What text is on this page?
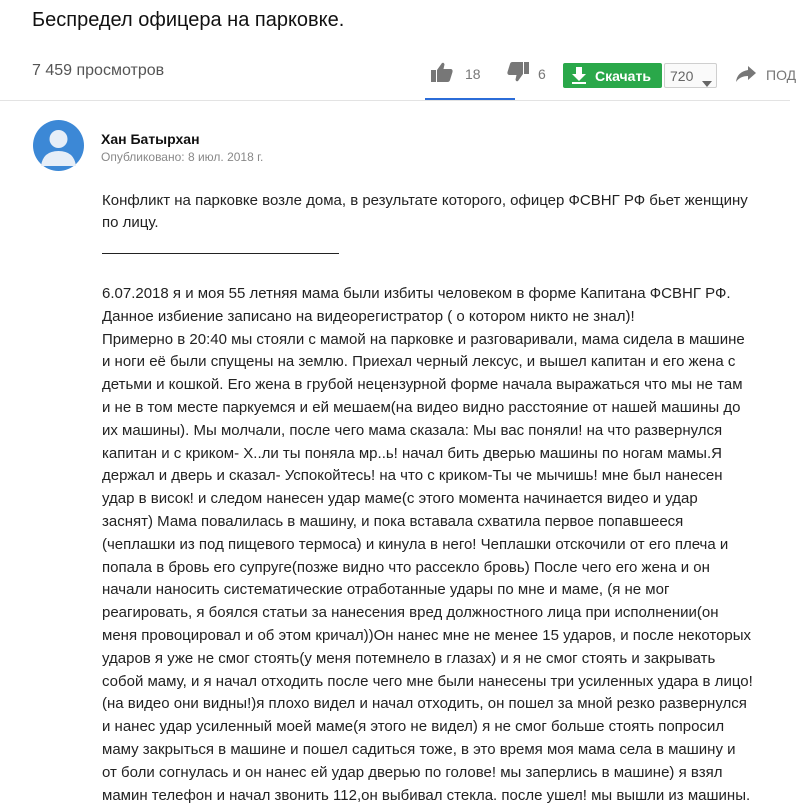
Беспредел офицера на парковке.
7 459 просмотров	18	6	Скачать 720	ПОД
Хан Батырхан
Опубликовано: 8 июл. 2018 г.
Конфликт на парковке возле дома, в результате которого, офицер ФСВНГ РФ бьет женщину
по лицу.
6.07.2018 я и моя 55 летняя мама были избиты человеком в форме Капитана ФСВНГ РФ.
Данное избиение записано на видеорегистратор ( о котором никто не знал)!
Примерно в 20:40 мы стояли с мамой на парковке и разговаривали, мама сидела в машине
и ноги её были спущены на землю. Приехал черный лексус, и вышел капитан и его жена с
детьми и кошкой. Его жена в грубой нецензурной форме начала выражаться что мы не там
и не в том месте паркуемся и ей мешаем(на видео видно расстояние от нашей машины до
их машины). Мы молчали, после чего мама сказала: Мы вас поняли! на что развернулся
капитан и с криком- Х..ли ты поняла мр..ь! начал бить дверью машины по ногам мамы.Я
держал и дверь и сказал- Успокойтесь! на что с криком-Ты че мычишь! мне был нанесен
удар в висок! и следом нанесен удар маме(с этого момента начинается видео и удар
заснят) Мама повалилась в машину, и пока вставала схватила первое попавшееся
(чеплашки из под пищевого термоса) и кинула в него! Чеплашки отскочили от его плеча и
попала в бровь его супруге(позже видно что рассекло бровь) После чего его жена и он
начали наносить систематические отработанные удары по мне и маме, (я не мог
реагировать, я боялся статьи за нанесения вред должностного лица при исполнении(он
меня провоцировал и об этом кричал))Он нанес мне не менее 15 ударов, и после некоторых
ударов я уже не смог стоять(у меня потемнело в глазах) и я не смог стоять и закрывать
собой маму, и я начал отходить после чего мне были нанесены три усиленных удара в лицо!
(на видео они видны!)я плохо видел и начал отходить, он пошел за мной резко развернулся
и нанес удар усиленный моей маме(я этого не видел) я не смог больше стоять попросил
маму закрыться в машине и пошел садиться тоже, в это время моя мама села в машину и
от боли согнулась и он нанес ей удар дверью по голове! мы заперлись в машине) я взял
мамин телефон и начал звонить 112,он выбивал стекла. после ушел! мы вышли из машины.
